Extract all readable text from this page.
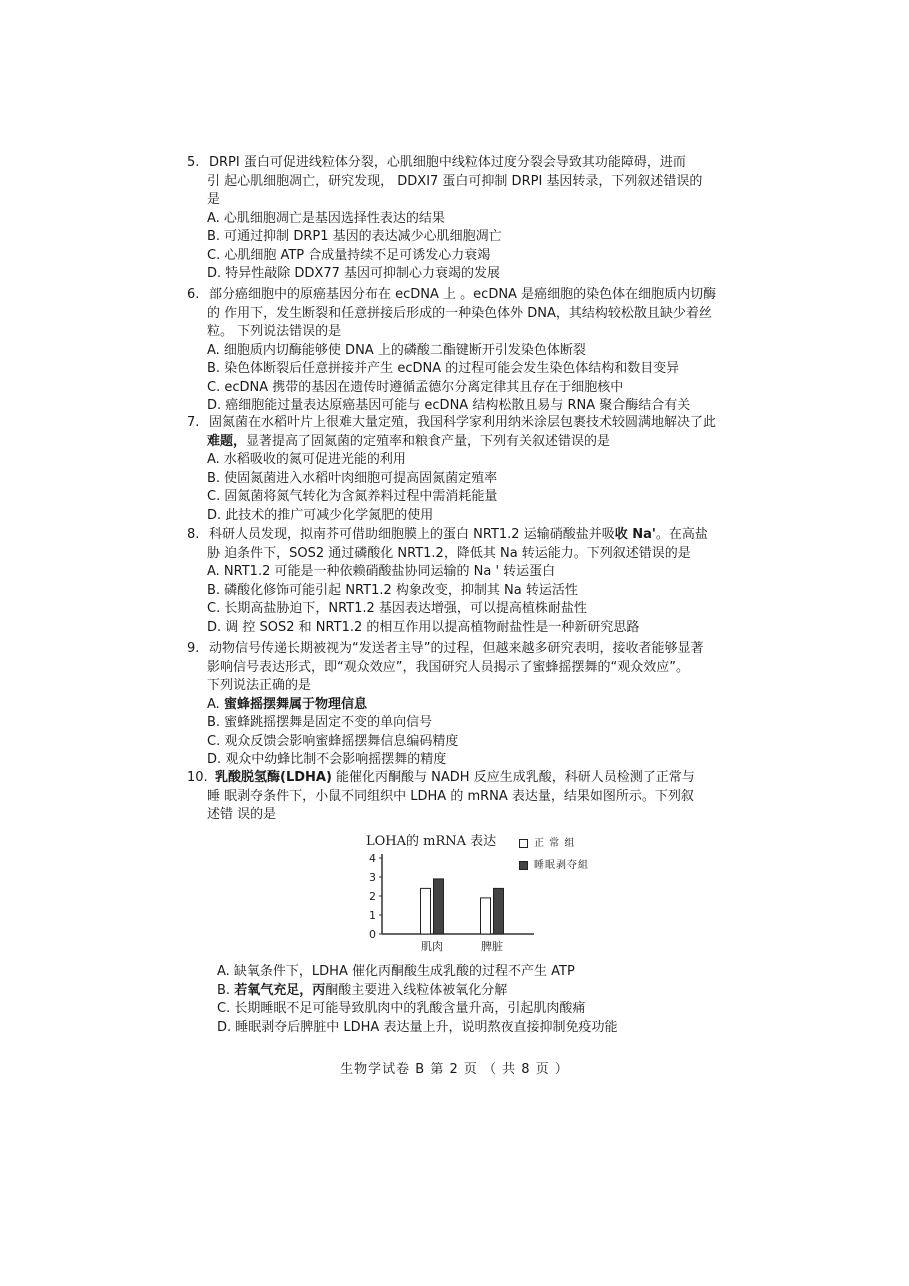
5. DRPI 蛋白可促进线粒体分裂，心肌细胞中线粒体过度分裂会导致其功能障碍，进而

引 起心肌细胞凋亡，研究发现， DDXI7 蛋白可抑制 DRPI 基因转录，下列叙述错误的

是

A. 心肌细胞凋亡是基因选择性表达的结果

B. 可通过抑制 DRP1 基因的表达减少心肌细胞凋亡

C. 心肌细胞 ATP 合成量持续不足可诱发心力衰竭

D. 特异性敲除 DDX77 基因可抑制心力衰竭的发展

6. 部分癌细胞中的原癌基因分布在 ecDNA 上 。ecDNA 是癌细胞的染色体在细胞质内切酶

的 作用下，发生断裂和任意拼接后形成的一种染色体外 DNA，其结构较松散且缺少着丝

粒。 下列说法错误的是

A. 细胞质内切酶能够使 DNA 上的磷酸二酯键断开引发染色体断裂

B. 染色体断裂后任意拼接并产生 ecDNA 的过程可能会发生染色体结构和数目变异

C. ecDNA 携带的基因在遗传时遵循孟德尔分离定律其且存在于细胞核中

D. 癌细胞能过量表达原癌基因可能与 ecDNA 结构松散且易与 RNA 聚合酶结合有关

7. 固氮菌在水稻叶片上很难大量定殖，我国科学家利用纳米涂层包裹技术较圆满地解决了此

难题，显著提高了固氮菌的定殖率和粮食产量，下列有关叙述错误的是

A. 水稻吸收的氮可促进光能的利用

B. 使固氮菌进入水稻叶肉细胞可提高固氮菌定殖率

C. 固氮菌将氮气转化为含氮养料过程中需消耗能量

D. 此技术的推广可减少化学氮肥的使用

8. 科研人员发现，拟南芥可借助细胞膜上的蛋白 NRT1.2 运输硝酸盐并吸收 Na'。在高盐

胁 迫条件下，SOS2 通过磷酸化 NRT1.2，降低其 Na 转运能力。下列叙述错误的是

A. NRT1.2 可能是一种依赖硝酸盐协同运输的 Na ' 转运蛋白

B. 磷酸化修饰可能引起 NRT1.2 构象改变，抑制其 Na 转运活性

C. 长期高盐胁迫下，NRT1.2 基因表达增强，可以提高植株耐盐性

D. 调 控 SOS2 和 NRT1.2 的相互作用以提高植物耐盐性是一种新研究思路

9. 动物信号传递长期被视为“发送者主导”的过程，但越来越多研究表明，接收者能够显著

影响信号表达形式，即“观众效应”，我国研究人员揭示了蜜蜂摇摆舞的“观众效应”。

下列说法正确的是

A. 蜜蜂摇摆舞属于物理信息

B. 蜜蜂跳摇摆舞是固定不变的单向信号

C. 观众反馈会影响蜜蜂摇摆舞信息编码精度

D. 观众中幼蜂比制不会影响摇摆舞的精度

10. 乳酸脱氢酶(LDHA) 能催化丙酮酸与 NADH 反应生成乳酸，科研人员检测了正常与

睡 眠剥夺条件下，小鼠不同组织中 LDHA 的 mRNA 表达量，结果如图所示。下列叙

述错 误的是

LOHA的 mRNA 表达	正 常 组
睡眠剥夺組
0
1
2
3
4
肌肉	脾脏

A. 缺氧条件下，LDHA 催化丙酮酸生成乳酸的过程不产生 ATP

B. 若氧气充足，丙酮酸主要进入线粒体被氧化分解

C. 长期睡眠不足可能导致肌肉中的乳酸含量升高，引起肌肉酸痛

D. 睡眠剥夺后脾脏中 LDHA 表达量上升，说明熬夜直接抑制免疫功能

生物学试卷 B 第 2 页 （ 共 8 页 ）
